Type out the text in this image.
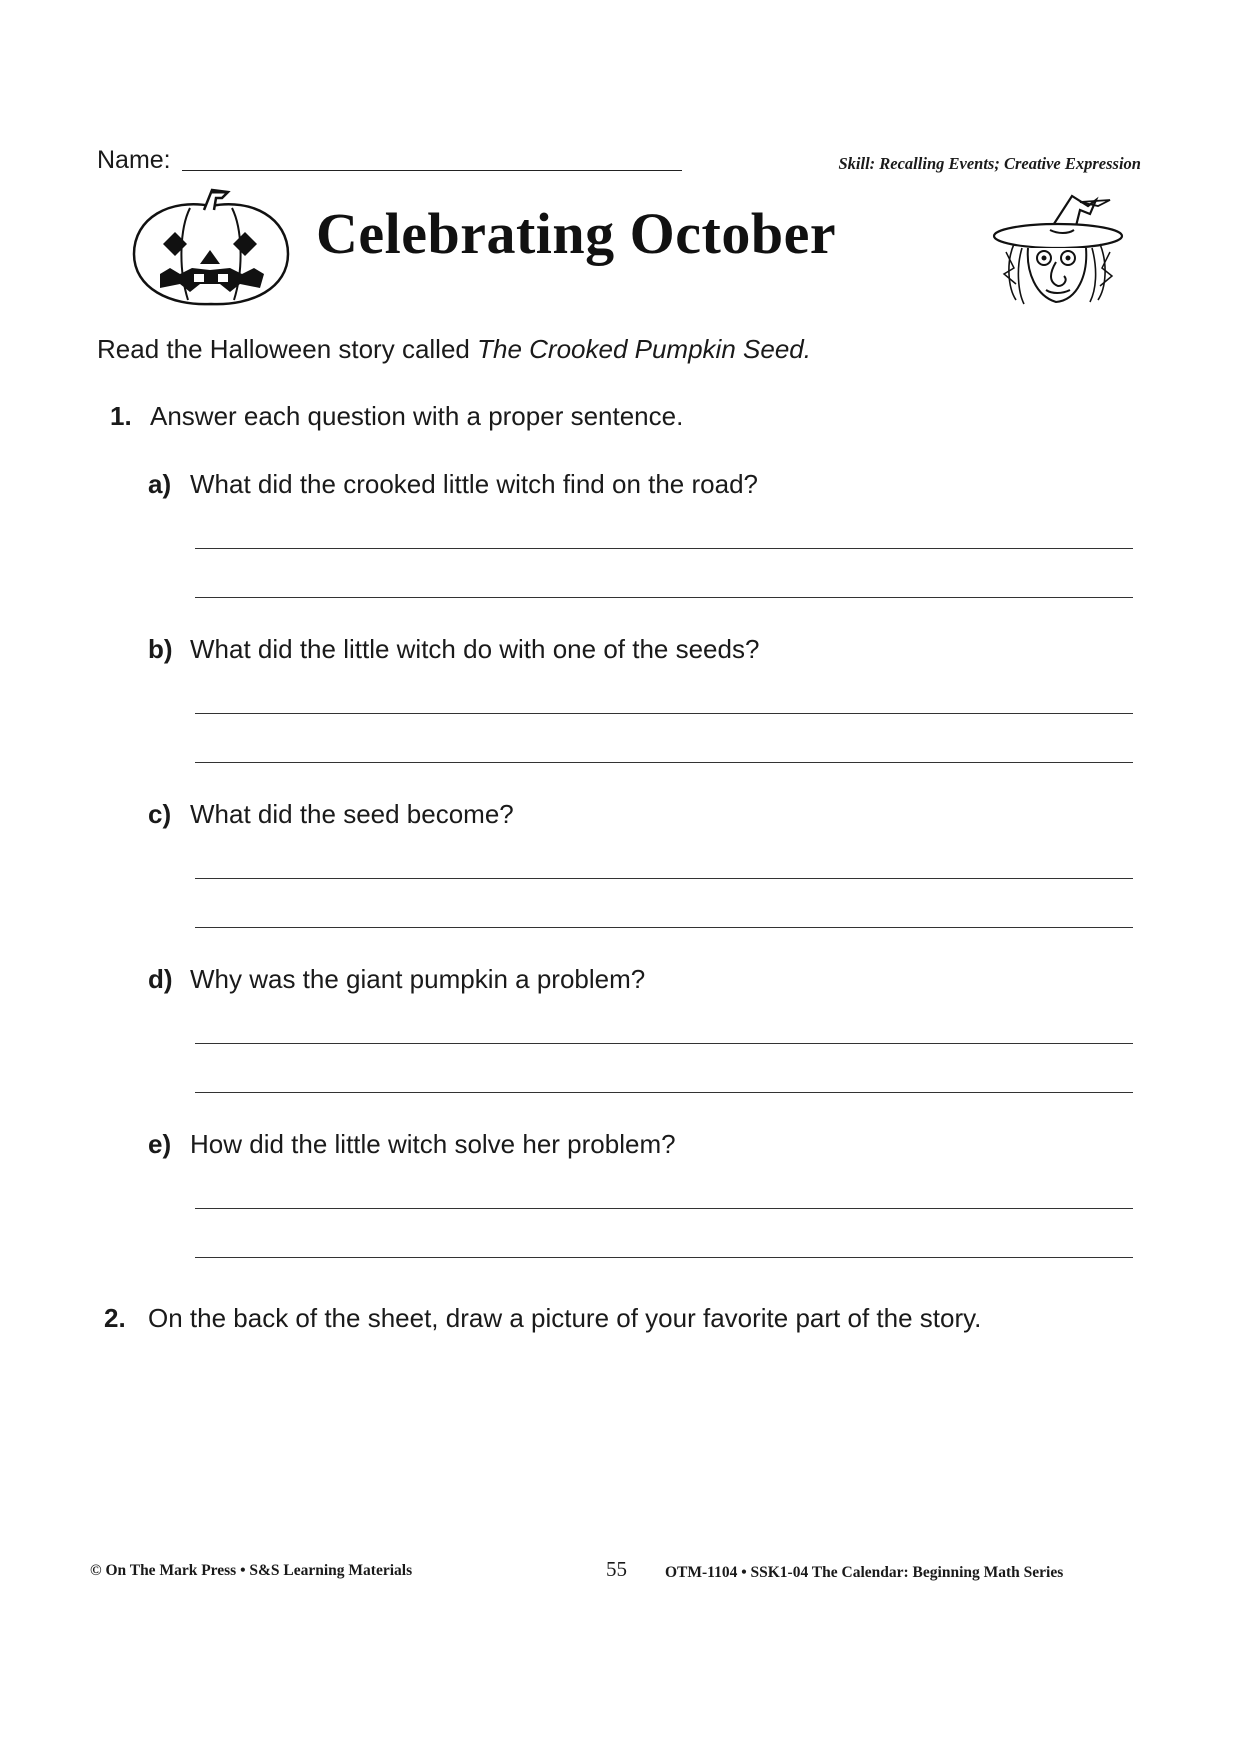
Name:	Skill: Recalling Events; Creative Expression
Celebrating October
Read the Halloween story called The Crooked Pumpkin Seed.
1. Answer each question with a proper sentence.
a) What did the crooked little witch find on the road?
b) What did the little witch do with one of the seeds?
c) What did the seed become?
d) Why was the giant pumpkin a problem?
e) How did the little witch solve her problem?
2. On the back of the sheet, draw a picture of your favorite part of the story.
© On The Mark Press • S&S Learning Materials	55 OTM-1104 • SSK1-04 The Calendar: Beginning Math Series
